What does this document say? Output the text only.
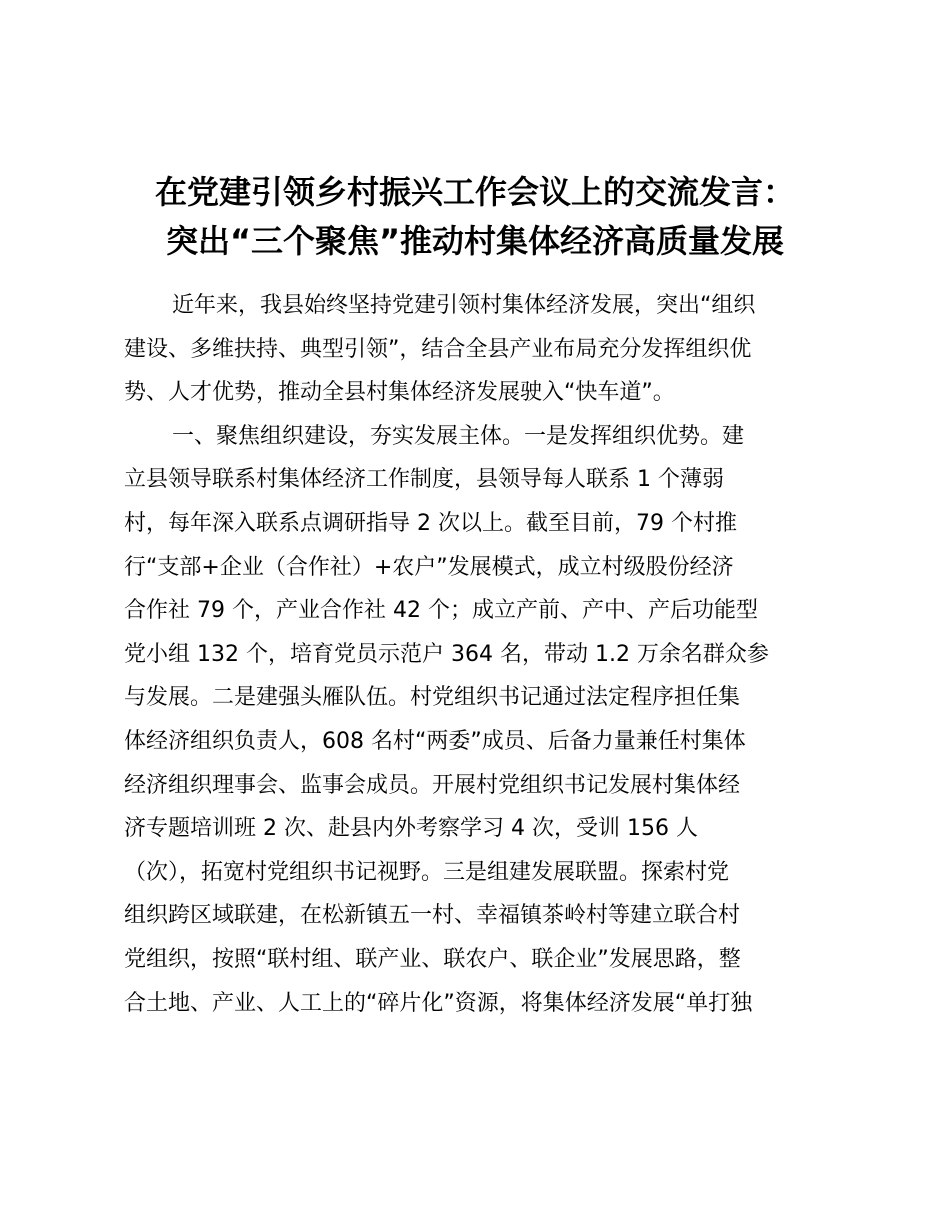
在党建引领乡村振兴工作会议上的交流发言：
突出“三个聚焦”推动村集体经济高质量发展
近年来，我县始终坚持党建引领村集体经济发展，突出“组织
建设、多维扶持、典型引领”，结合全县产业布局充分发挥组织优
势、人才优势，推动全县村集体经济发展驶入“快车道”。
一、聚焦组织建设，夯实发展主体。一是发挥组织优势。建
立县领导联系村集体经济工作制度，县领导每人联系 1 个薄弱
村，每年深入联系点调研指导 2 次以上。截至目前，79 个村推
行“支部+企业（合作社）+农户”发展模式，成立村级股份经济
合作社 79 个，产业合作社 42 个；成立产前、产中、产后功能型
党小组 132 个，培育党员示范户 364 名，带动 1.2 万余名群众参
与发展。二是建强头雁队伍。村党组织书记通过法定程序担任集
体经济组织负责人，608 名村“两委”成员、后备力量兼任村集体
经济组织理事会、监事会成员。开展村党组织书记发展村集体经
济专题培训班 2 次、赴县内外考察学习 4 次，受训 156 人
（次），拓宽村党组织书记视野。三是组建发展联盟。探索村党
组织跨区域联建，在松新镇五一村、幸福镇茶岭村等建立联合村
党组织，按照“联村组、联产业、联农户、联企业”发展思路，整
合土地、产业、人工上的“碎片化”资源，将集体经济发展“单打独
